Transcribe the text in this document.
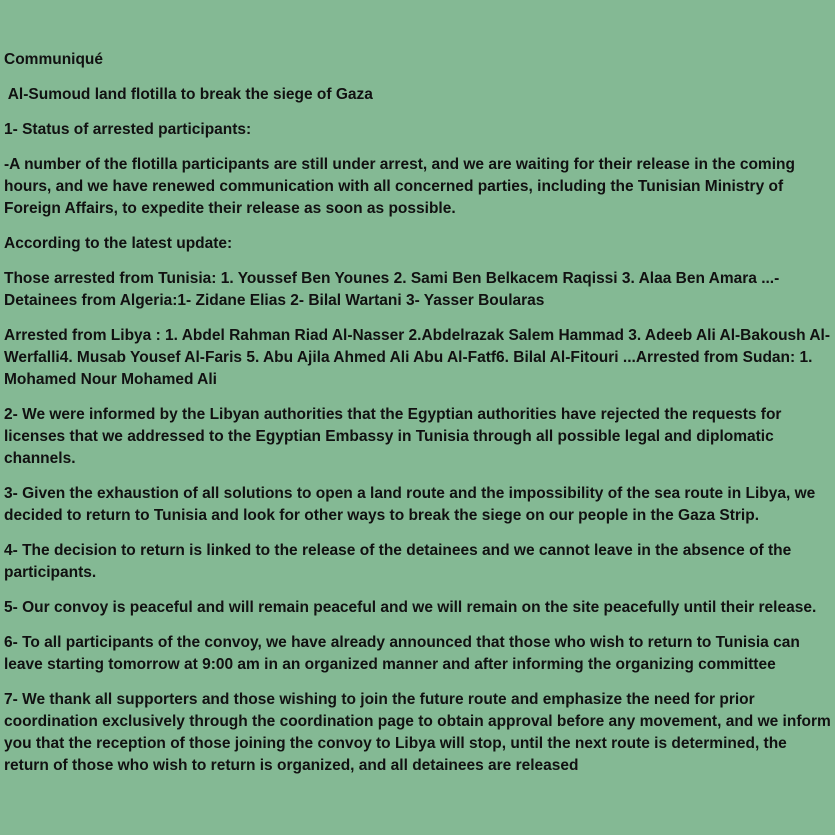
Communiqué

Al-Sumoud land flotilla to break the siege of Gaza

1- Status of arrested participants:

-A number of the flotilla participants are still under arrest, and we are waiting for their release in the coming hours, and we have renewed communication with all concerned parties, including the Tunisian Ministry of Foreign Affairs, to expedite their release as soon as possible.

According to the latest update:

Those arrested from Tunisia: 1. Youssef Ben Younes 2. Sami Ben Belkacem Raqissi 3. Alaa Ben Amara ...- Detainees from Algeria:1- Zidane Elias 2- Bilal Wartani 3- Yasser Boularas

Arrested from Libya : 1. Abdel Rahman Riad Al-Nasser 2.Abdelrazak Salem Hammad 3. Adeeb Ali Al-Bakoush Al-Werfalli4. Musab Yousef Al-Faris 5. Abu Ajila Ahmed Ali Abu Al-Fatf6. Bilal Al-Fitouri ...Arrested from Sudan: 1. Mohamed Nour Mohamed Ali

2- We were informed by the Libyan authorities that the Egyptian authorities have rejected the requests for licenses that we addressed to the Egyptian Embassy in Tunisia through all possible legal and diplomatic channels.

3- Given the exhaustion of all solutions to open a land route and the impossibility of the sea route in Libya, we decided to return to Tunisia and look for other ways to break the siege on our people in the Gaza Strip.

4- The decision to return is linked to the release of the detainees and we cannot leave in the absence of the participants.

5- Our convoy is peaceful and will remain peaceful and we will remain on the site peacefully until their release.

6- To all participants of the convoy, we have already announced that those who wish to return to Tunisia can leave starting tomorrow at 9:00 am in an organized manner and after informing the organizing committee

7- We thank all supporters and those wishing to join the future route and emphasize the need for prior coordination exclusively through the coordination page to obtain approval before any movement, and we inform you that the reception of those joining the convoy to Libya will stop, until the next route is determined, the return of those who wish to return is organized, and all detainees are released
